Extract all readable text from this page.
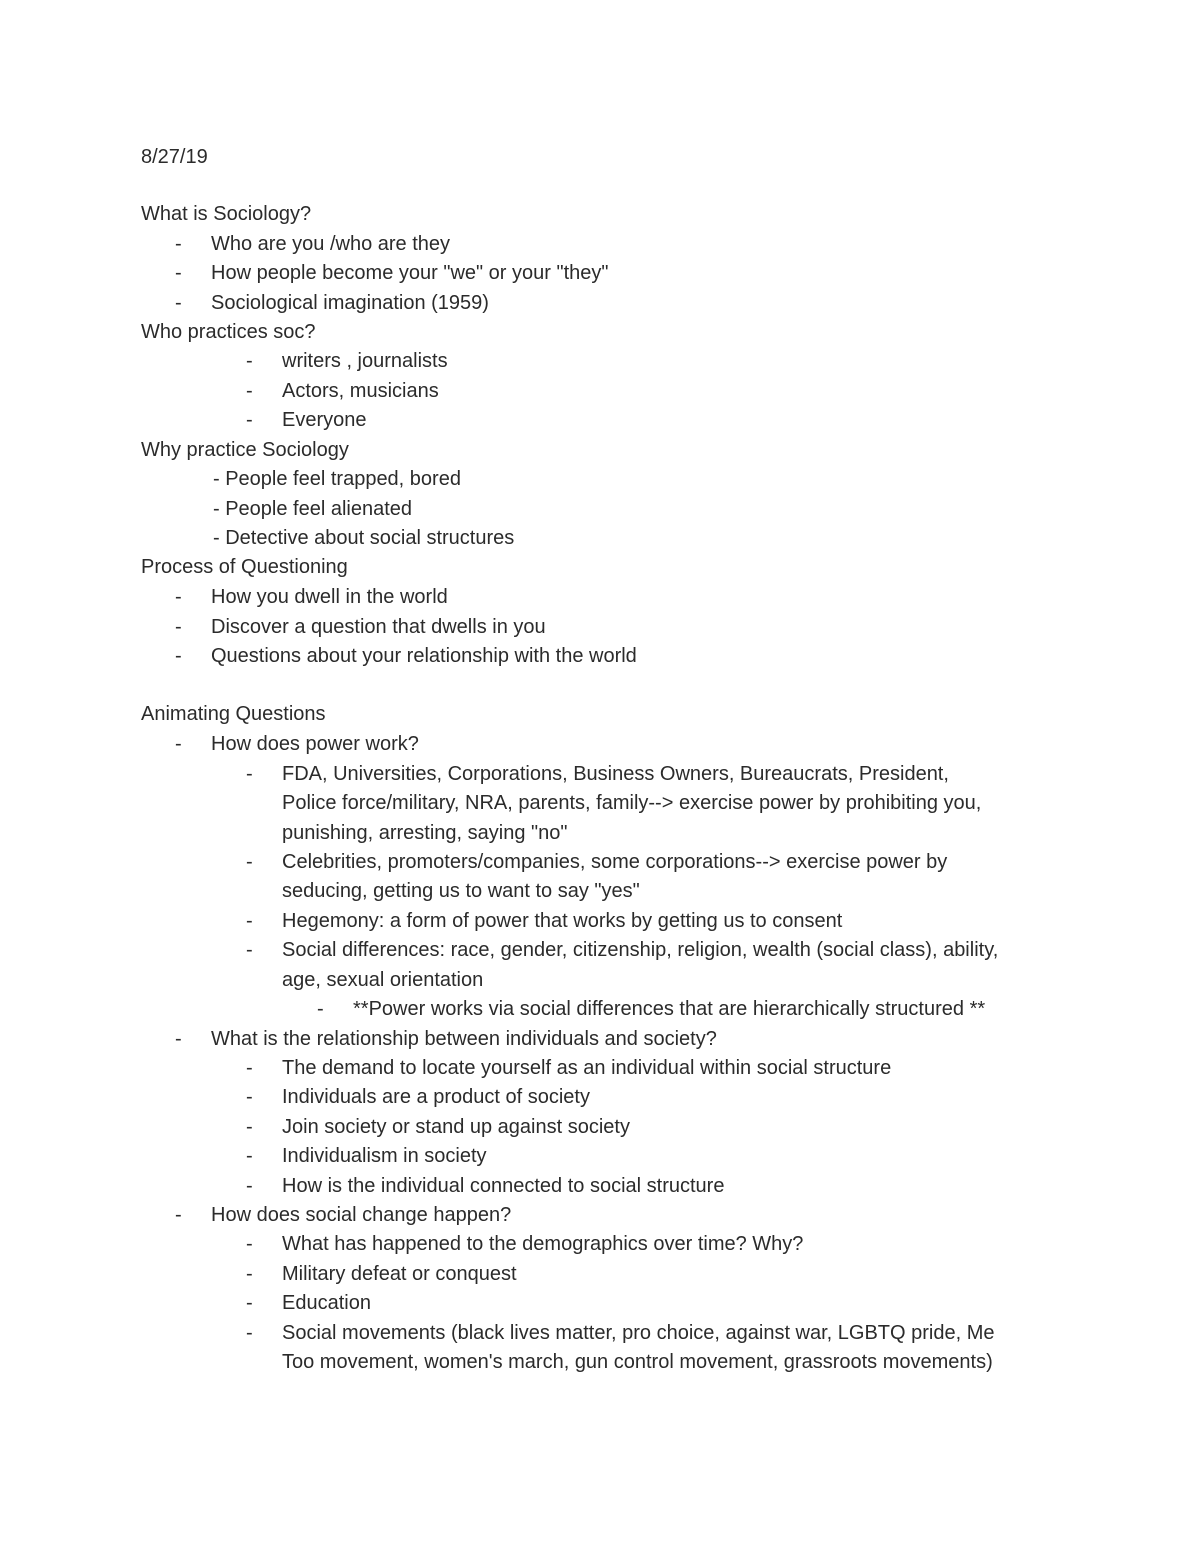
8/27/19
What is Sociology?
- Who are you /who are they
- How people become your "we" or your "they"
- Sociological imagination (1959)
Who practices soc?
- writers , journalists
- Actors, musicians
- Everyone
Why practice Sociology
- People feel trapped, bored
- People feel alienated
- Detective about social structures
Process of Questioning
- How you dwell in the world
- Discover a question that dwells in you
- Questions about your relationship with the world
Animating Questions
- How does power work?
- FDA, Universities, Corporations, Business Owners, Bureaucrats, President,
Police force/military, NRA, parents, family--> exercise power by prohibiting you,
punishing, arresting, saying "no"
- Celebrities, promoters/companies, some corporations--> exercise power by
seducing, getting us to want to say "yes"
- Hegemony: a form of power that works by getting us to consent
- Social differences: race, gender, citizenship, religion, wealth (social class), ability,
age, sexual orientation
- **Power works via social differences that are hierarchically structured **
- What is the relationship between individuals and society?
- The demand to locate yourself as an individual within social structure
- Individuals are a product of society
- Join society or stand up against society
- Individualism in society
- How is the individual connected to social structure
- How does social change happen?
- What has happened to the demographics over time? Why?
- Military defeat or conquest
- Education
- Social movements (black lives matter, pro choice, against war, LGBTQ pride, Me
Too movement, women's march, gun control movement, grassroots movements)
